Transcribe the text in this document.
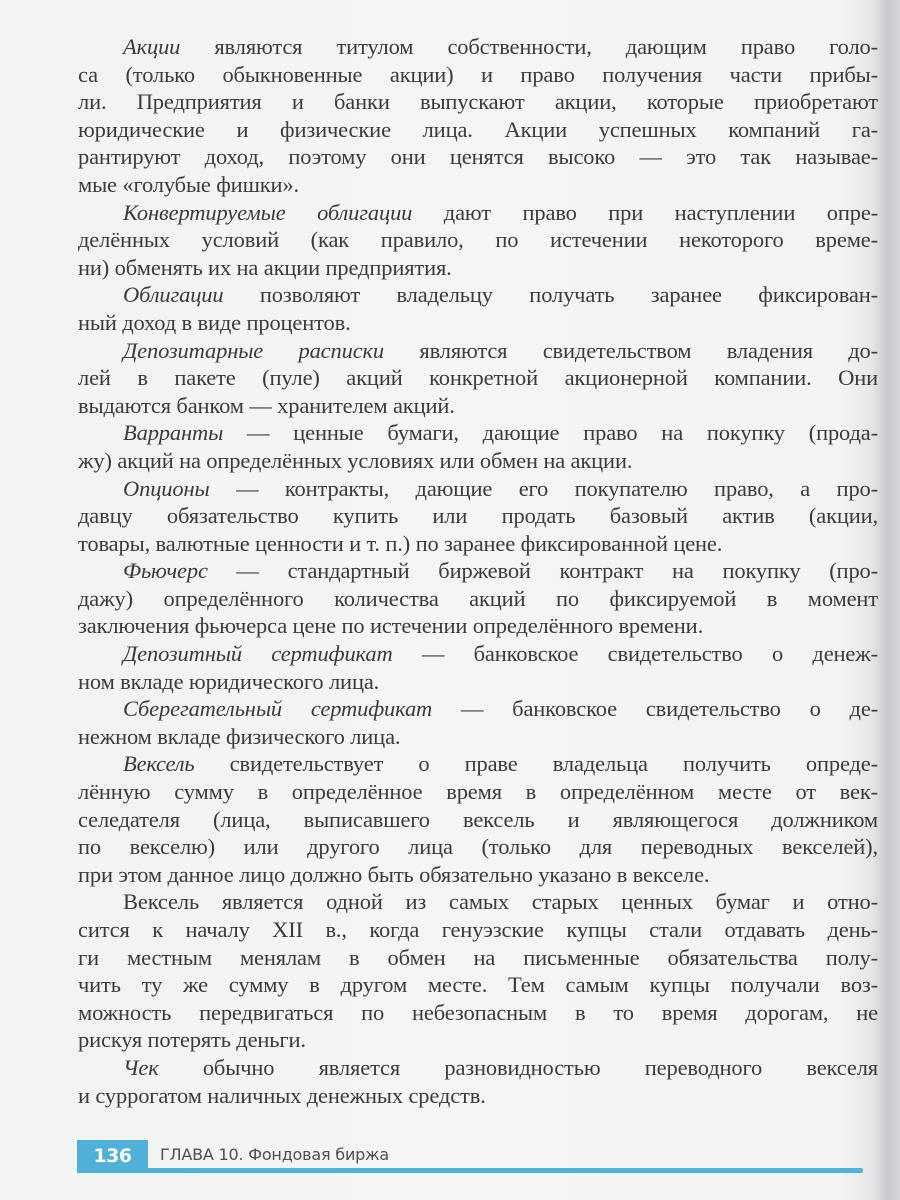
Акции являются титулом собственности, дающим право голо-
са (только обыкновенные акции) и право получения части прибы-
ли. Предприятия и банки выпускают акции, которые приобретают
юридические и физические лица. Акции успешных компаний га-
рантируют доход, поэтому они ценятся высоко — это так называе-
мые «голубые фишки».
Конвертируемые облигации дают право при наступлении опре-
делённых условий (как правило, по истечении некоторого време-
ни) обменять их на акции предприятия.
Облигации позволяют владельцу получать заранее фиксирован-
ный доход в виде процентов.
Депозитарные расписки являются свидетельством владения до-
лей в пакете (пуле) акций конкретной акционерной компании. Они
выдаются банком — хранителем акций.
Варранты — ценные бумаги, дающие право на покупку (прода-
жу) акций на определённых условиях или обмен на акции.
Опционы — контракты, дающие его покупателю право, а про-
давцу обязательство купить или продать базовый актив (акции,
товары, валютные ценности и т. п.) по заранее фиксированной цене.
Фьючерс — стандартный биржевой контракт на покупку (про-
дажу) определённого количества акций по фиксируемой в момент
заключения фьючерса цене по истечении определённого времени.
Депозитный сертификат — банковское свидетельство о денеж-
ном вкладе юридического лица.
Сберегательный сертификат — банковское свидетельство о де-
нежном вкладе физического лица.
Вексель свидетельствует о праве владельца получить опреде-
лённую сумму в определённое время в определённом месте от век-
селедателя (лица, выписавшего вексель и являющегося должником
по векселю) или другого лица (только для переводных векселей),
при этом данное лицо должно быть обязательно указано в векселе.
Вексель является одной из самых старых ценных бумаг и отно-
сится к началу XII в., когда генуэзские купцы стали отдавать день-
ги местным менялам в обмен на письменные обязательства полу-
чить ту же сумму в другом месте. Тем самым купцы получали воз-
можность передвигаться по небезопасным в то время дорогам, не
рискуя потерять деньги.
Чек обычно является разновидностью переводного векселя
и суррогатом наличных денежных средств.
136	ГЛАВА 10. Фондовая биржа
